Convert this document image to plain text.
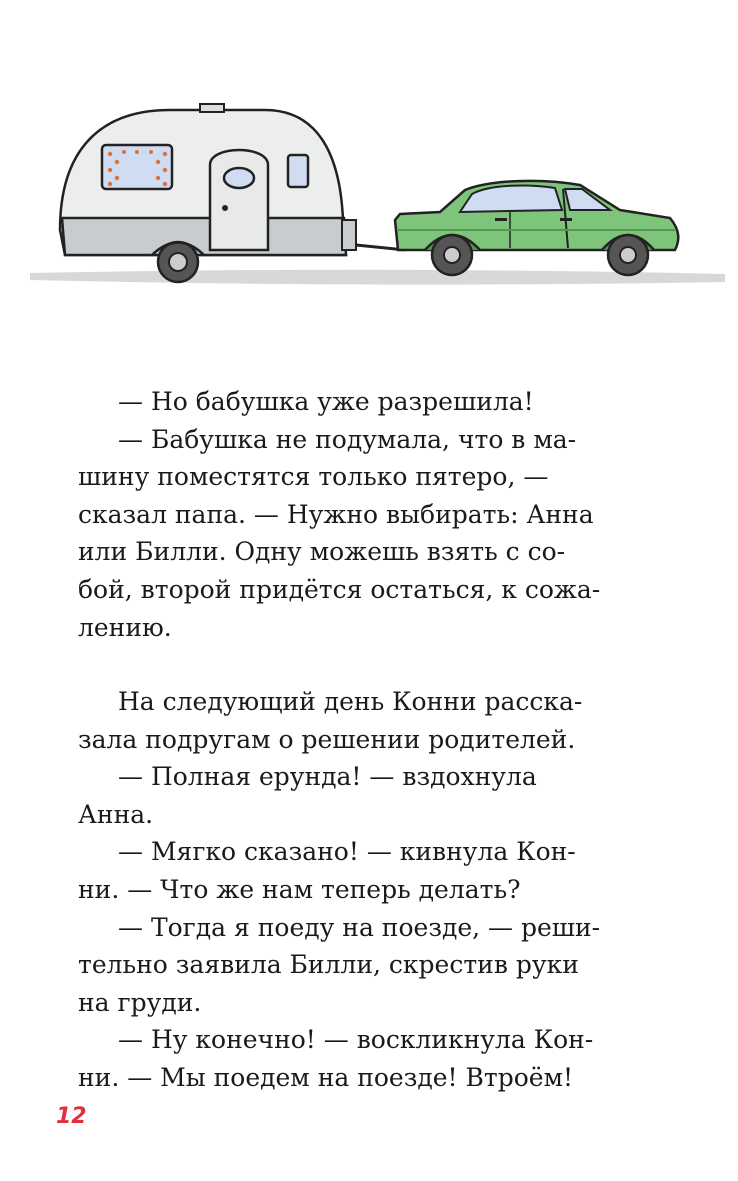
— Но бабушка уже разрешила!
— Бабушка не подумала, что в ма-
шину поместятся только пятеро, —
сказал папа. — Нужно выбирать: Анна
или Билли. Одну можешь взять с со-
бой, второй придётся остаться, к сожа-
лению.
На следующий день Конни расска-
зала подругам о решении родителей.
— Полная ерунда! — вздохнула
Анна.
— Мягко сказано! — кивнула Кон-
ни. — Что же нам теперь делать?
— Тогда я поеду на поезде, — реши-
тельно заявила Билли, скрестив руки
на груди.
— Ну конечно! — воскликнула Кон-
ни. — Мы поедем на поезде! Втроём!
12
